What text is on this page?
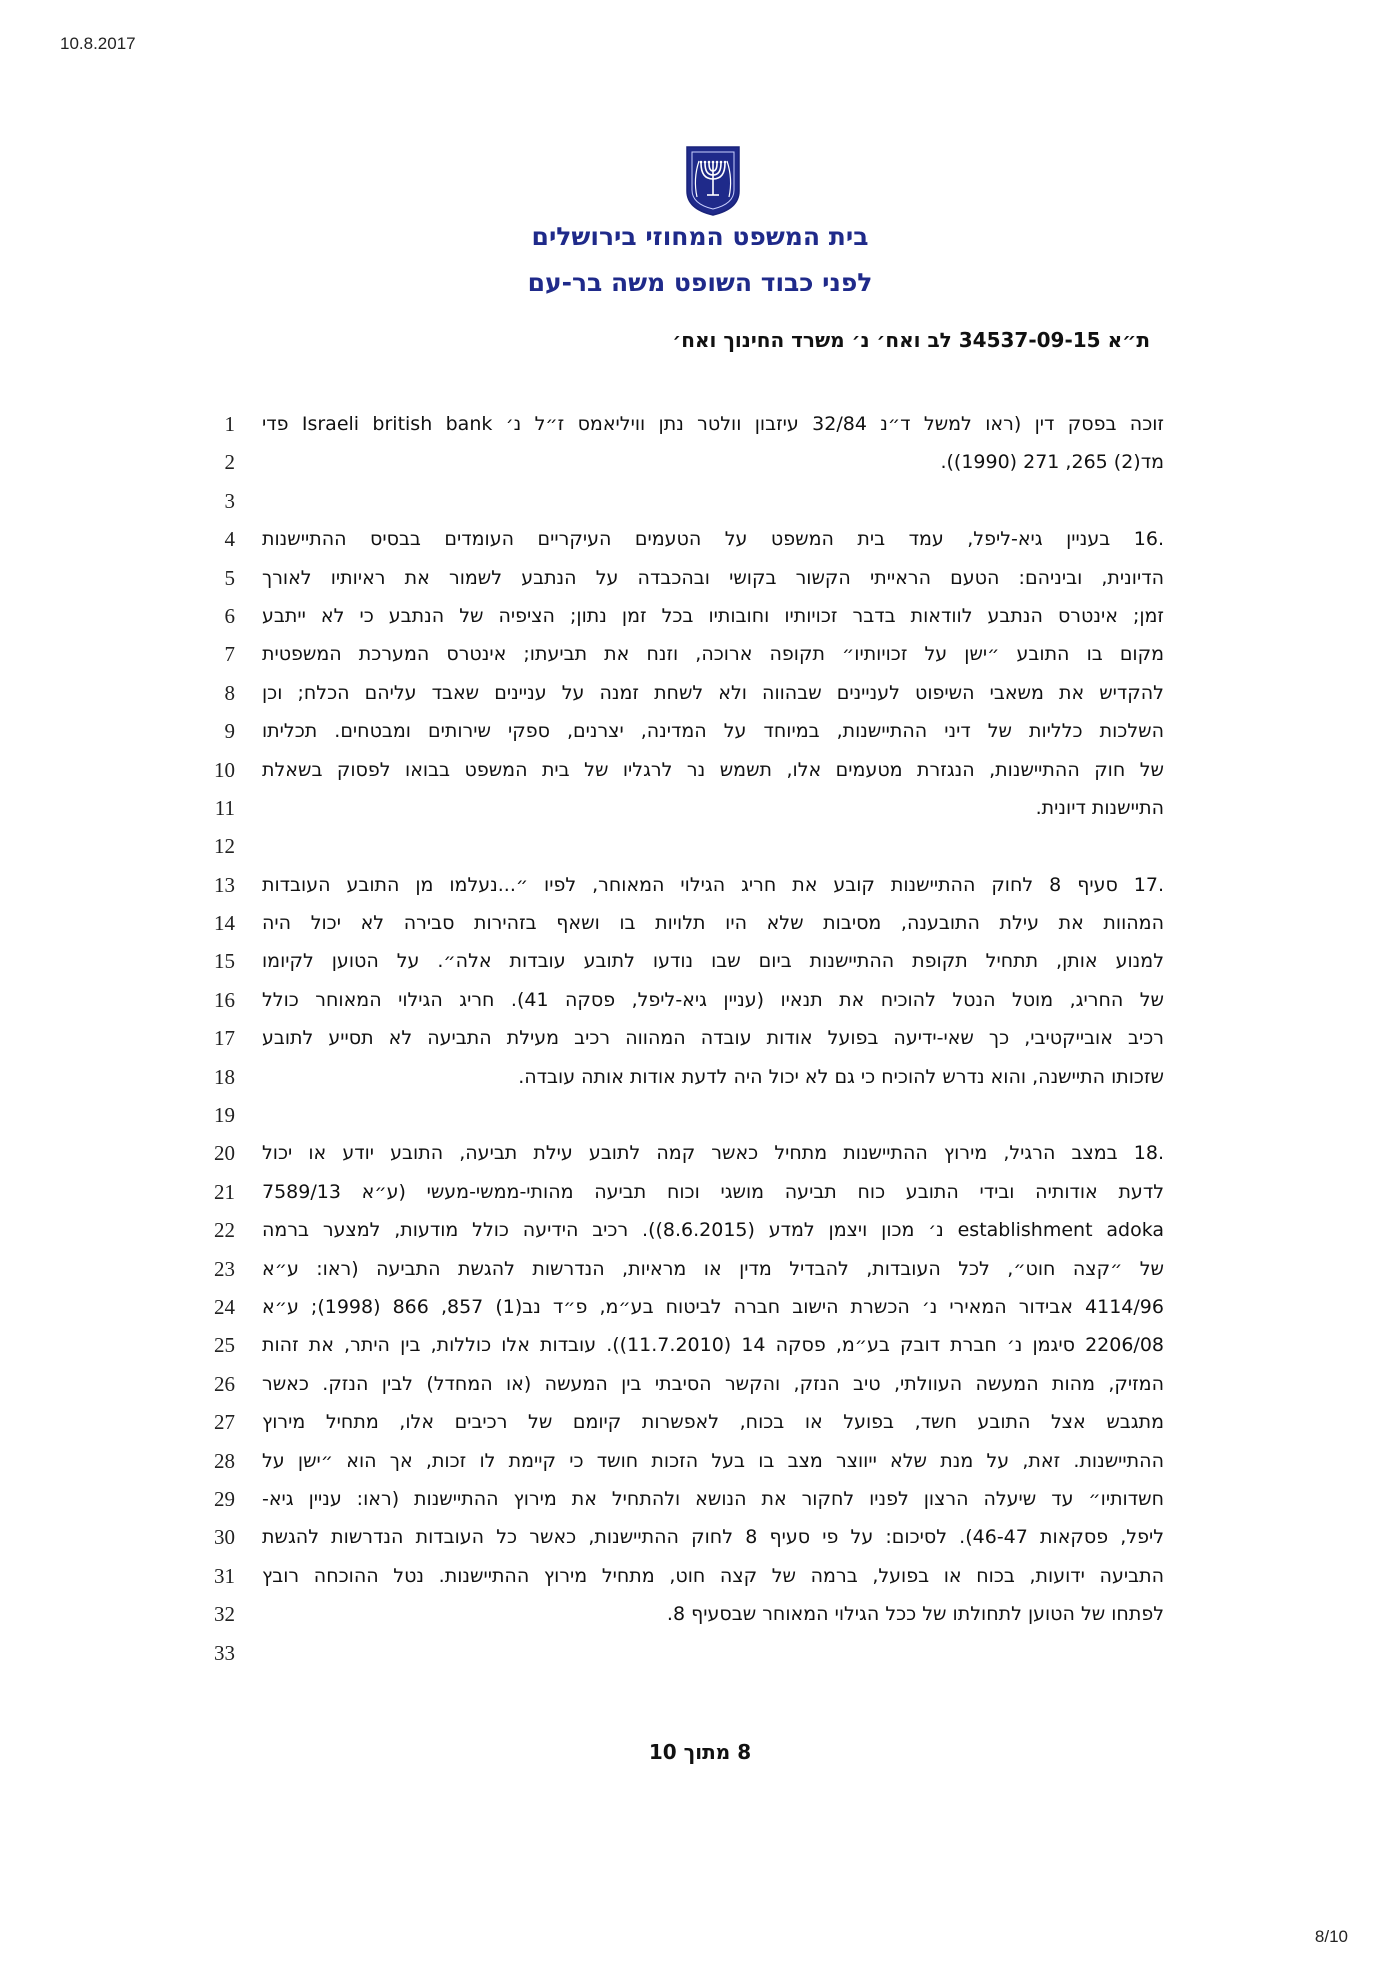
10.8.2017
בית המשפט המחוזי בירושלים
לפני כבוד השופט משה בר-עם
ת״א 34537-09-15 לב ואח׳ נ׳ משרד החינוך ואח׳
1
2
3
4
5
6
7
8
9
10
11
12
13
14
15
16
17
18
19
20
21
22
23
24
25
26
27
28
29
30
31
32
33
זוכה בפסק דין (ראו למשל ד״נ 32/84 עיזבון וולטר נתן וויליאמס ז״ל נ׳ Israeli british bank פדי
מד(2) 265, 271 (1990)).
.16 בעניין גיא-ליפל, עמד בית המשפט על הטעמים העיקריים העומדים בבסיס ההתיישנות
הדיונית, וביניהם: הטעם הראייתי הקשור בקושי ובהכבדה על הנתבע לשמור את ראיותיו לאורך
זמן; אינטרס הנתבע לוודאות בדבר זכויותיו וחובותיו בכל זמן נתון; הציפיה של הנתבע כי לא ייתבע
מקום בו התובע ״ישן על זכויותיו״ תקופה ארוכה, וזנח את תביעתו; אינטרס המערכת המשפטית
להקדיש את משאבי השיפוט לעניינים שבהווה ולא לשחת זמנה על עניינים שאבד עליהם הכלח; וכן
השלכות כלליות של דיני ההתיישנות, במיוחד על המדינה, יצרנים, ספקי שירותים ומבטחים. תכליתו
של חוק ההתיישנות, הנגזרת מטעמים אלו, תשמש נר לרגליו של בית המשפט בבואו לפסוק בשאלת
התיישנות דיונית.
.17 סעיף 8 לחוק ההתיישנות קובע את חריג הגילוי המאוחר, לפיו ״...נעלמו מן התובע העובדות
המהוות את עילת התובענה, מסיבות שלא היו תלויות בו ושאף בזהירות סבירה לא יכול היה
למנוע אותן, תתחיל תקופת ההתיישנות ביום שבו נודעו לתובע עובדות אלה״. על הטוען לקיומו
של החריג, מוטל הנטל להוכיח את תנאיו (עניין גיא-ליפל, פסקה 41). חריג הגילוי המאוחר כולל
רכיב אובייקטיבי, כך שאי-ידיעה בפועל אודות עובדה המהווה רכיב מעילת התביעה לא תסייע לתובע
שזכותו התיישנה, והוא נדרש להוכיח כי גם לא יכול היה לדעת אודות אותה עובדה.
.18 במצב הרגיל, מירוץ ההתיישנות מתחיל כאשר קמה לתובע עילת תביעה, התובע יודע או יכול
לדעת אודותיה ובידי התובע כוח תביעה מושגי וכוח תביעה מהותי-ממשי-מעשי (ע״א 7589/13
establishment adoka נ׳ מכון ויצמן למדע (8.6.2015)). רכיב הידיעה כולל מודעות, למצער ברמה
של ״קצה חוט״, לכל העובדות, להבדיל מדין או מראיות, הנדרשות להגשת התביעה (ראו: ע״א
4114/96 אבידור המאירי נ׳ הכשרת הישוב חברה לביטוח בע״מ, פ״ד נב(1) 857, 866 (1998); ע״א
2206/08 סיגמן נ׳ חברת דובק בע״מ, פסקה 14 (11.7.2010)). עובדות אלו כוללות, בין היתר, את זהות
המזיק, מהות המעשה העוולתי, טיב הנזק, והקשר הסיבתי בין המעשה (או המחדל) לבין הנזק. כאשר
מתגבש אצל התובע חשד, בפועל או בכוח, לאפשרות קיומם של רכיבים אלו, מתחיל מירוץ
ההתיישנות. זאת, על מנת שלא ייווצר מצב בו בעל הזכות חושד כי קיימת לו זכות, אך הוא ״ישן על
חשדותיו״ עד שיעלה הרצון לפניו לחקור את הנושא ולהתחיל את מירוץ ההתיישנות (ראו: עניין גיא-
ליפל, פסקאות 46-47). לסיכום: על פי סעיף 8 לחוק ההתיישנות, כאשר כל העובדות הנדרשות להגשת
התביעה ידועות, בכוח או בפועל, ברמה של קצה חוט, מתחיל מירוץ ההתיישנות. נטל ההוכחה רובץ
לפתחו של הטוען לתחולתו של ככל הגילוי המאוחר שבסעיף 8.
8 מתוך 10
8/10
